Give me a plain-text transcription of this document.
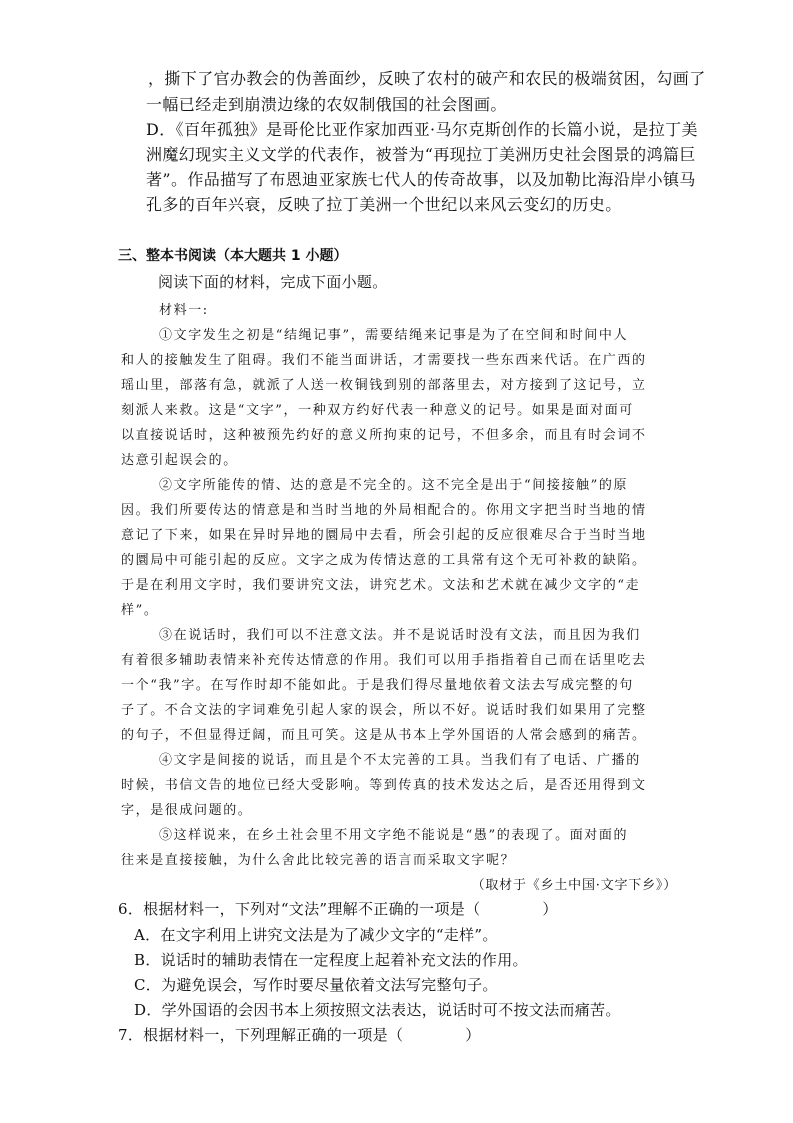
，撕下了官办教会的伪善面纱，反映了农村的破产和农民的极端贫困，勾画了
一幅已经走到崩溃边缘的农奴制俄国的社会图画。
D．《百年孤独》是哥伦比亚作家加西亚·马尔克斯创作的长篇小说，是拉丁美
洲魔幻现实主义文学的代表作，被誉为“再现拉丁美洲历史社会图景的鸿篇巨
著”。作品描写了布恩迪亚家族七代人的传奇故事，以及加勒比海沿岸小镇马
孔多的百年兴衰，反映了拉丁美洲一个世纪以来风云变幻的历史。
三、整本书阅读（本大题共 1 小题）
阅读下面的材料，完成下面小题。
材料一:
①文字发生之初是“结绳记事”，需要结绳来记事是为了在空间和时间中人
和人的接触发生了阻碍。我们不能当面讲话，才需要找一些东西来代话。在广西的
瑶山里，部落有急，就派了人送一枚铜钱到别的部落里去，对方接到了这记号，立
刻派人来救。这是“文字”，一种双方约好代表一种意义的记号。如果是面对面可
以直接说话时，这种被预先约好的意义所拘束的记号，不但多余，而且有时会词不
达意引起误会的。
②文字所能传的情、达的意是不完全的。这不完全是出于“间接接触”的原
因。我们所要传达的情意是和当时当地的外局相配合的。你用文字把当时当地的情
意记了下来，如果在异时异地的圜局中去看，所会引起的反应很难尽合于当时当地
的圜局中可能引起的反应。文字之成为传情达意的工具常有这个无可补救的缺陷。
于是在利用文字时，我们要讲究文法，讲究艺术。文法和艺术就在减少文字的“走
样”。
③在说话时，我们可以不注意文法。并不是说话时没有文法，而且因为我们
有着很多辅助表情来补充传达情意的作用。我们可以用手指指着自己而在话里吃去
一个“我”字。在写作时却不能如此。于是我们得尽量地依着文法去写成完整的句
子了。不合文法的字词难免引起人家的误会，所以不好。说话时我们如果用了完整
的句子，不但显得迂阔，而且可笑。这是从书本上学外国语的人常会感到的痛苦。
④文字是间接的说话，而且是个不太完善的工具。当我们有了电话、广播的
时候，书信文告的地位已经大受影响。等到传真的技术发达之后，是否还用得到文
字，是很成问题的。
⑤这样说来，在乡土社会里不用文字绝不能说是“愚”的表现了。面对面的
往来是直接接触，为什么舍此比较完善的语言而采取文字呢？
（取材于《乡土中国·文字下乡》）
6．根据材料一，下列对“文法”理解不正确的一项是（	）
A．在文字利用上讲究文法是为了减少文字的“走样”。
B．说话时的辅助表情在一定程度上起着补充文法的作用。
C．为避免误会，写作时要尽量依着文法写完整句子。
D．学外国语的会因书本上须按照文法表达，说话时可不按文法而痛苦。
7．根据材料一，下列理解正确的一项是（	）
